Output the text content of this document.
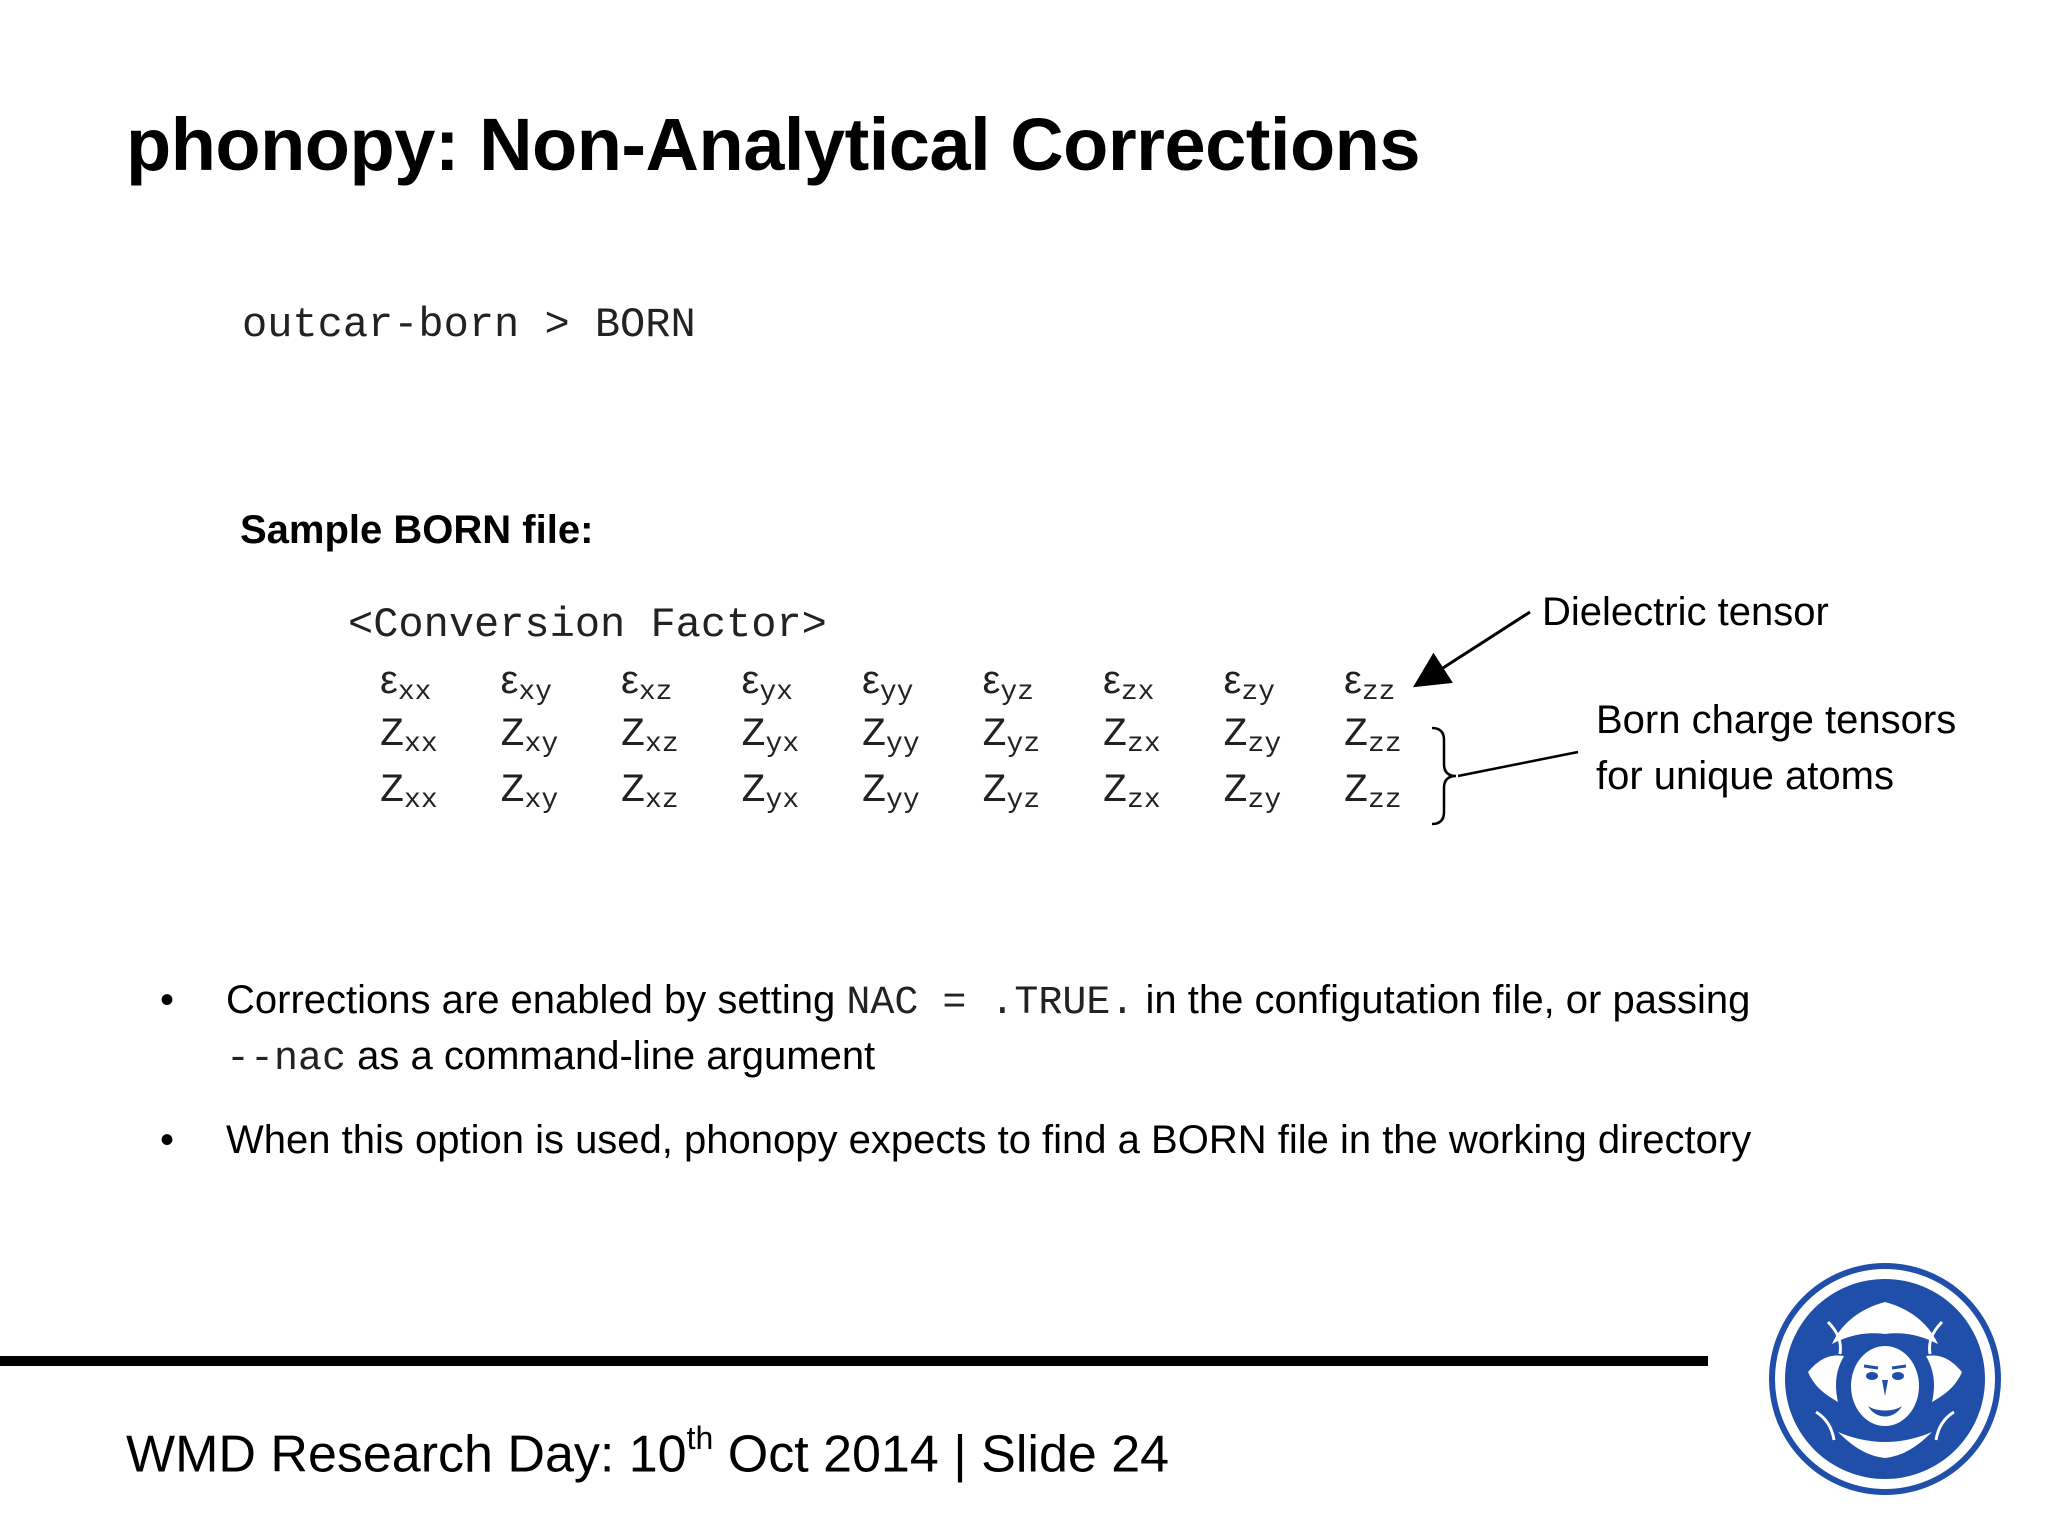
phonopy: Non-Analytical Corrections
outcar-born > BORN
Sample BORN file:
<Conversion Factor>
$\varepsilon_{xx}$ $\varepsilon_{xy}$ $\varepsilon_{xz}$ $\varepsilon_{yx}$ $\varepsilon_{yy}$ $\varepsilon_{yz}$ $\varepsilon_{zx}$ $\varepsilon_{zy}$ $\varepsilon_{zz}$
$Z_{xx}$ $Z_{xy}$ $Z_{xz}$ $Z_{yx}$ $Z_{yy}$ $Z_{yz}$ $Z_{zx}$ $Z_{zy}$ $Z_{zz}$
$Z_{xx}$ $Z_{xy}$ $Z_{xz}$ $Z_{yx}$ $Z_{yy}$ $Z_{yz}$ $Z_{zx}$ $Z_{zy}$ $Z_{zz}$
Dielectric tensor
Born charge tensors
for unique atoms
• Corrections are enabled by setting NAC = .TRUE. in the configutation file, or passing
--nac as a command-line argument
• When this option is used, phonopy expects to find a BORN file in the working directory
WMD Research Day: 10th Oct 2014 | Slide 24
